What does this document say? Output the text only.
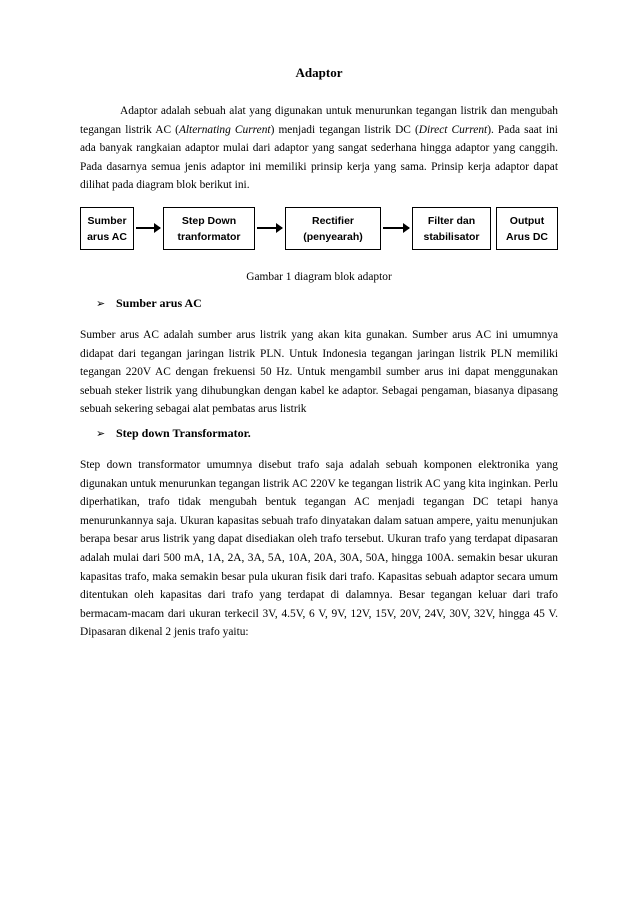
Adaptor

Adaptor adalah sebuah alat yang digunakan untuk menurunkan tegangan listrik dan mengubah tegangan listrik AC (Alternating Current) menjadi tegangan listrik DC (Direct Current). Pada saat ini ada banyak rangkaian adaptor mulai dari adaptor yang sangat sederhana hingga adaptor yang canggih. Pada dasarnya semua jenis adaptor ini memiliki prinsip kerja yang sama. Prinsip kerja adaptor dapat dilihat pada diagram blok berikut ini.

Sumber
arus AC
Step Down
tranformator
Rectifier
(penyearah)
Filter dan
stabilisator
Output
Arus DC
Gambar 1 diagram blok adaptor
➢ Sumber arus AC

Sumber arus AC adalah sumber arus listrik yang akan kita gunakan. Sumber arus AC ini umumnya didapat dari tegangan jaringan listrik PLN. Untuk Indonesia tegangan jaringan listrik PLN memiliki tegangan 220V AC dengan frekuensi 50 Hz. Untuk mengambil sumber arus ini dapat menggunakan sebuah steker listrik yang dihubungkan dengan kabel ke adaptor. Sebagai pengaman, biasanya dipasang sebuah sekering sebagai alat pembatas arus listrik

➢ Step down Transformator.

Step down transformator umumnya disebut trafo saja adalah sebuah komponen elektronika yang digunakan untuk menurunkan tegangan listrik AC 220V ke tegangan listrik AC yang kita inginkan. Perlu diperhatikan, trafo tidak mengubah bentuk tegangan AC menjadi tegangan DC tetapi hanya menurunkannya saja. Ukuran kapasitas sebuah trafo dinyatakan dalam satuan ampere, yaitu menunjukan berapa besar arus listrik yang dapat disediakan oleh trafo tersebut. Ukuran trafo yang terdapat dipasaran adalah mulai dari 500 mA, 1A, 2A, 3A, 5A, 10A, 20A, 30A, 50A, hingga 100A. semakin besar ukuran kapasitas trafo, maka semakin besar pula ukuran fisik dari trafo. Kapasitas sebuah adaptor secara umum ditentukan oleh kapasitas dari trafo yang terdapat di dalamnya. Besar tegangan keluar dari trafo bermacam-macam dari ukuran terkecil 3V, 4.5V, 6 V, 9V, 12V, 15V, 20V, 24V, 30V, 32V, hingga 45 V. Dipasaran dikenal 2 jenis trafo yaitu:
